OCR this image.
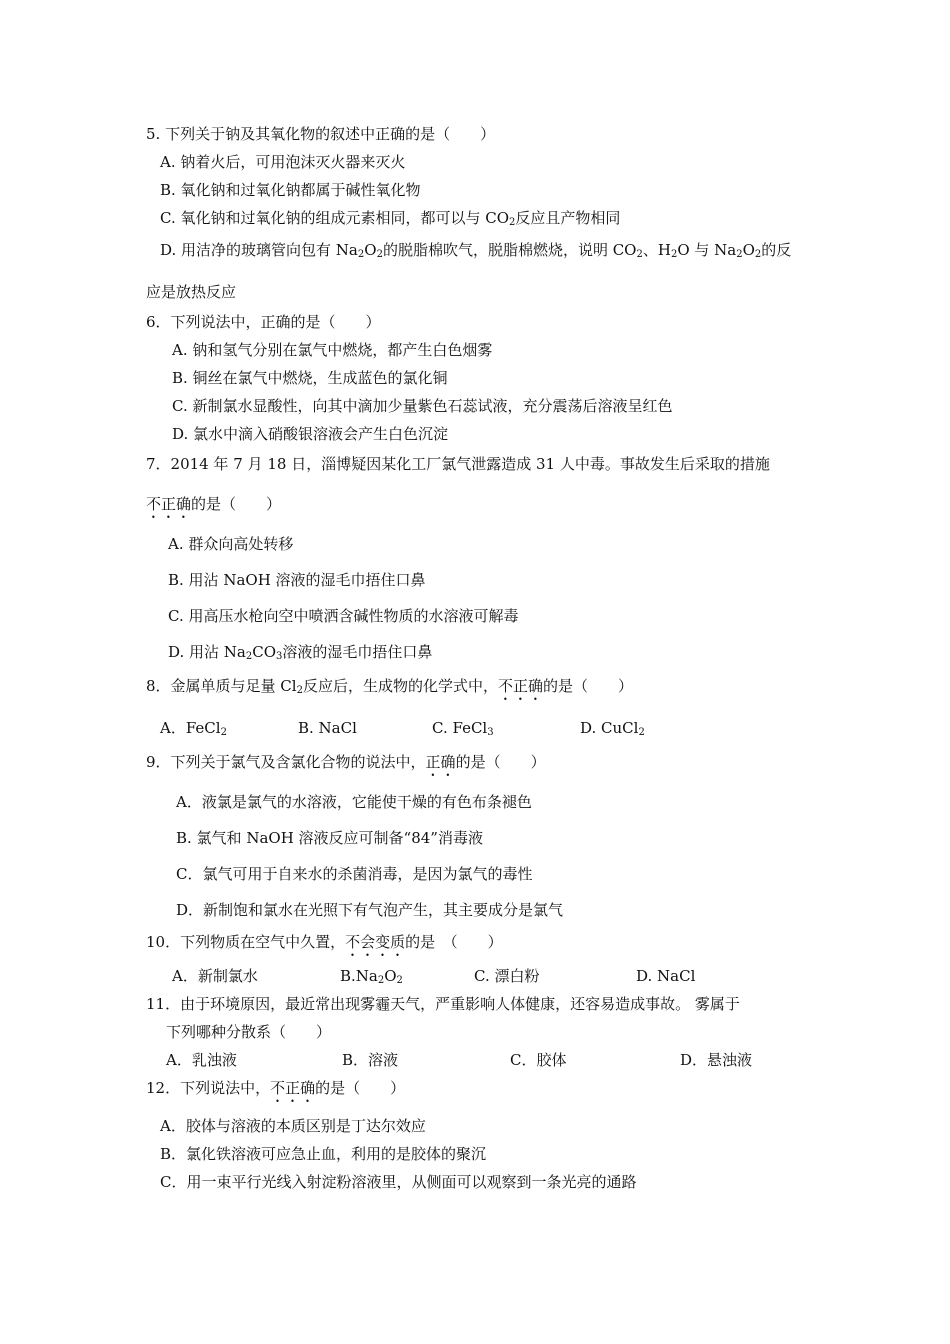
5. 下列关于钠及其氧化物的叙述中正确的是（　　）
A. 钠着火后，可用泡沫灭火器来灭火
B. 氧化钠和过氧化钠都属于碱性氧化物
C. 氧化钠和过氧化钠的组成元素相同，都可以与 $CO_2$反应且产物相同
D. 用洁净的玻璃管向包有 $Na_2O_2$的脱脂棉吹气，脱脂棉燃烧，说明 $CO_2$、$H_2O$ 与 $Na_2O_2$的反
应是放热反应
6．下列说法中，正确的是（　　）
A. 钠和氢气分别在氯气中燃烧，都产生白色烟雾
B. 铜丝在氯气中燃烧，生成蓝色的氯化铜
C. 新制氯水显酸性，向其中滴加少量紫色石蕊试液，充分震荡后溶液呈红色
D. 氯水中滴入硝酸银溶液会产生白色沉淀
7．2014 年 7 月 18 日，淄博疑因某化工厂氯气泄露造成 31 人中毒。事故发生后采取的措施
不正确的是（　　）
A. 群众向高处转移
B. 用沾 NaOH 溶液的湿毛巾捂住口鼻
C. 用高压水枪向空中喷洒含碱性物质的水溶液可解毒
D. 用沾 $Na_2CO_3$溶液的湿毛巾捂住口鼻
8．金属单质与足量 $Cl_2$反应后，生成物的化学式中，不正确的是（　　）
A．FeCl$_2$	B. NaCl	C. FeCl$_3$	D. CuCl$_2$
9．下列关于氯气及含氯化合物的说法中，正确的是（　　）
A．液氯是氯气的水溶液，它能使干燥的有色布条褪色
B. 氯气和 NaOH 溶液反应可制备“84”消毒液
C．氯气可用于自来水的杀菌消毒，是因为氯气的毒性
D．新制饱和氯水在光照下有气泡产生，其主要成分是氯气
10．下列物质在空气中久置，不会变质的是　（　　）
A．新制氯水	$B.Na_2O_2$	C. 漂白粉	D. NaCl
11．由于环境原因，最近常出现雾霾天气，严重影响人体健康，还容易造成事故。 雾属于
下列哪种分散系（　　）
A．乳浊液	B．溶液	C．胶体	D．悬浊液
12．下列说法中，不正确的是（　　）
A．胶体与溶液的本质区别是丁达尔效应
B．氯化铁溶液可应急止血，利用的是胶体的聚沉
C．用一束平行光线入射淀粉溶液里，从侧面可以观察到一条光亮的通路
